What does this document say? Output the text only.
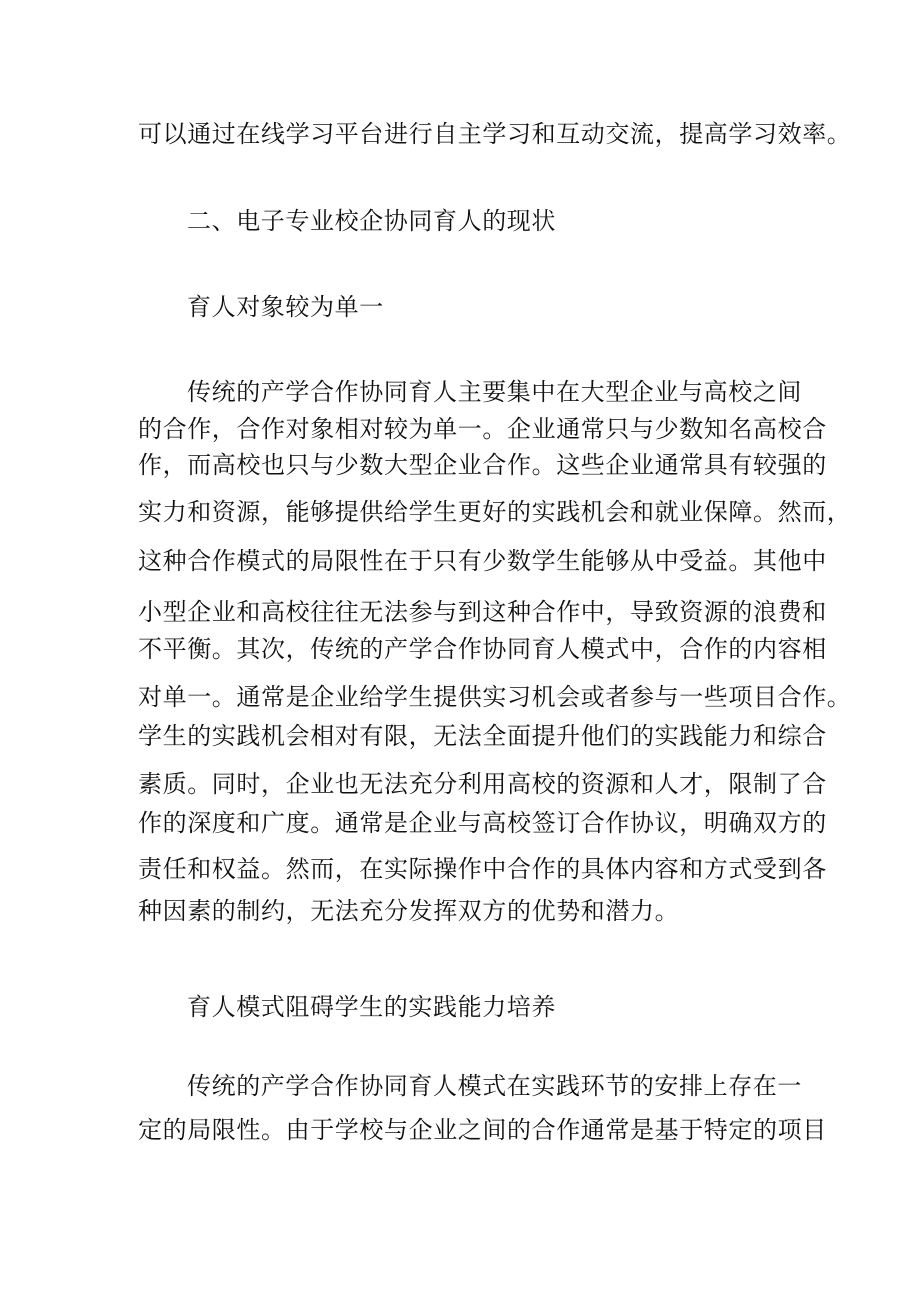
可以通过在线学习平台进行自主学习和互动交流，提高学习效率。
二、电子专业校企协同育人的现状
育人对象较为单一
传统的产学合作协同育人主要集中在大型企业与高校之间
的合作，合作对象相对较为单一。企业通常只与少数知名高校合
作，而高校也只与少数大型企业合作。这些企业通常具有较强的
实力和资源，能够提供给学生更好的实践机会和就业保障。然而，
这种合作模式的局限性在于只有少数学生能够从中受益。其他中
小型企业和高校往往无法参与到这种合作中，导致资源的浪费和
不平衡。其次，传统的产学合作协同育人模式中，合作的内容相
对单一。通常是企业给学生提供实习机会或者参与一些项目合作。
学生的实践机会相对有限，无法全面提升他们的实践能力和综合
素质。同时，企业也无法充分利用高校的资源和人才，限制了合
作的深度和广度。通常是企业与高校签订合作协议，明确双方的
责任和权益。然而，在实际操作中合作的具体内容和方式受到各
种因素的制约，无法充分发挥双方的优势和潜力。
育人模式阻碍学生的实践能力培养
传统的产学合作协同育人模式在实践环节的安排上存在一
定的局限性。由于学校与企业之间的合作通常是基于特定的项目
